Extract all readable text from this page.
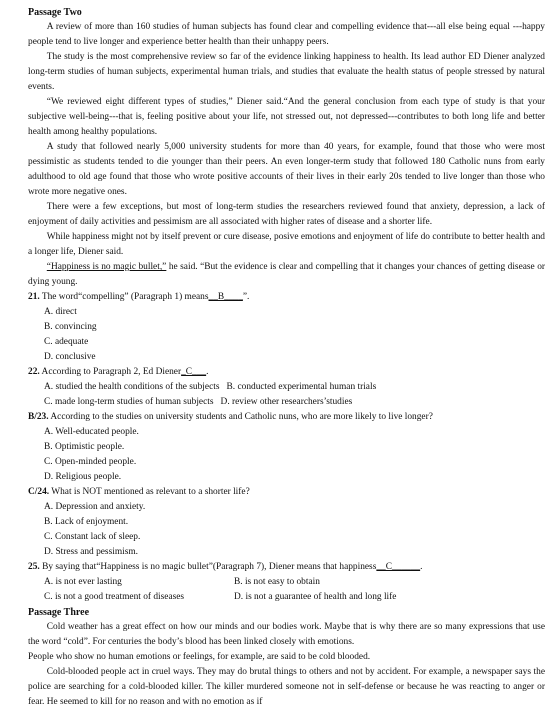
Passage Two

A review of more than 160 studies of human subjects has found clear and compelling evidence that---all else being equal ---happy people tend to live longer and experience better health than their unhappy peers.

The study is the most comprehensive review so far of the evidence linking happiness to health. Its lead author ED Diener analyzed long-term studies of human subjects, experimental human trials, and studies that evaluate the health status of people stressed by natural events.

“We reviewed eight different types of studies,” Diener said.“And the general conclusion from each type of study is that your subjective well-being---that is, feeling positive about your life, not stressed out, not depressed---contributes to both long life and better health among healthy populations.

A study that followed nearly 5,000 university students for more than 40 years, for example, found that those who were most pessimistic as students tended to die younger than their peers. An even longer-term study that followed 180 Catholic nuns from early adulthood to old age found that those who wrote positive accounts of their lives in their early 20s tended to live longer than those who wrote more negative ones.

There were a few exceptions, but most of long-term studies the researchers reviewed found that anxiety, depression, a lack of enjoyment of daily activities and pessimism are all associated with higher rates of disease and a shorter life.

While happiness might not by itself prevent or cure disease, posive emotions and enjoyment of life do contribute to better health and a longer life, Diener said.

“Happiness is no magic bullet,” he said. “But the evidence is clear and compelling that it changes your chances of getting disease or dying young.

21. The word“compelling” (Paragraph 1) means__B____”.
A. direct
B. convincing
C. adequate
D. conclusive
22. According to Paragraph 2, Ed Diener_C___.
A. studied the health conditions of the subjects B. conducted experimental human trials
C. made long-term studies of human subjects D. review other researchers’studies
B/23. According to the studies on university students and Catholic nuns, who are more likely to live longer?
A. Well-educated people.
B. Optimistic people.
C. Open-minded people.
D. Religious people.
C/24. What is NOT mentioned as relevant to a shorter life?
A. Depression and anxiety.
B. Lack of enjoyment.
C. Constant lack of sleep.
D. Stress and pessimism.
25. By saying that“Happiness is no magic bullet”(Paragraph 7), Diener means that happiness__C______.
A. is not ever lasting	B. is not easy to obtain
C. is not a good treatment of diseases	D. is not a guarantee of health and long life
Passage Three

Cold weather has a great effect on how our minds and our bodies work. Maybe that is why there are so many expressions that use the word “cold”. For centuries the body’s blood has been linked closely with emotions.

People who show no human emotions or feelings, for example, are said to be cold blooded.

Cold-blooded people act in cruel ways. They may do brutal things to others and not by accident. For example, a newspaper says the police are searching for a cold-blooded killer. The killer murdered someone not in self-defense or because he was reacting to anger or fear. He seemed to kill for no reason and with no emotion as if
